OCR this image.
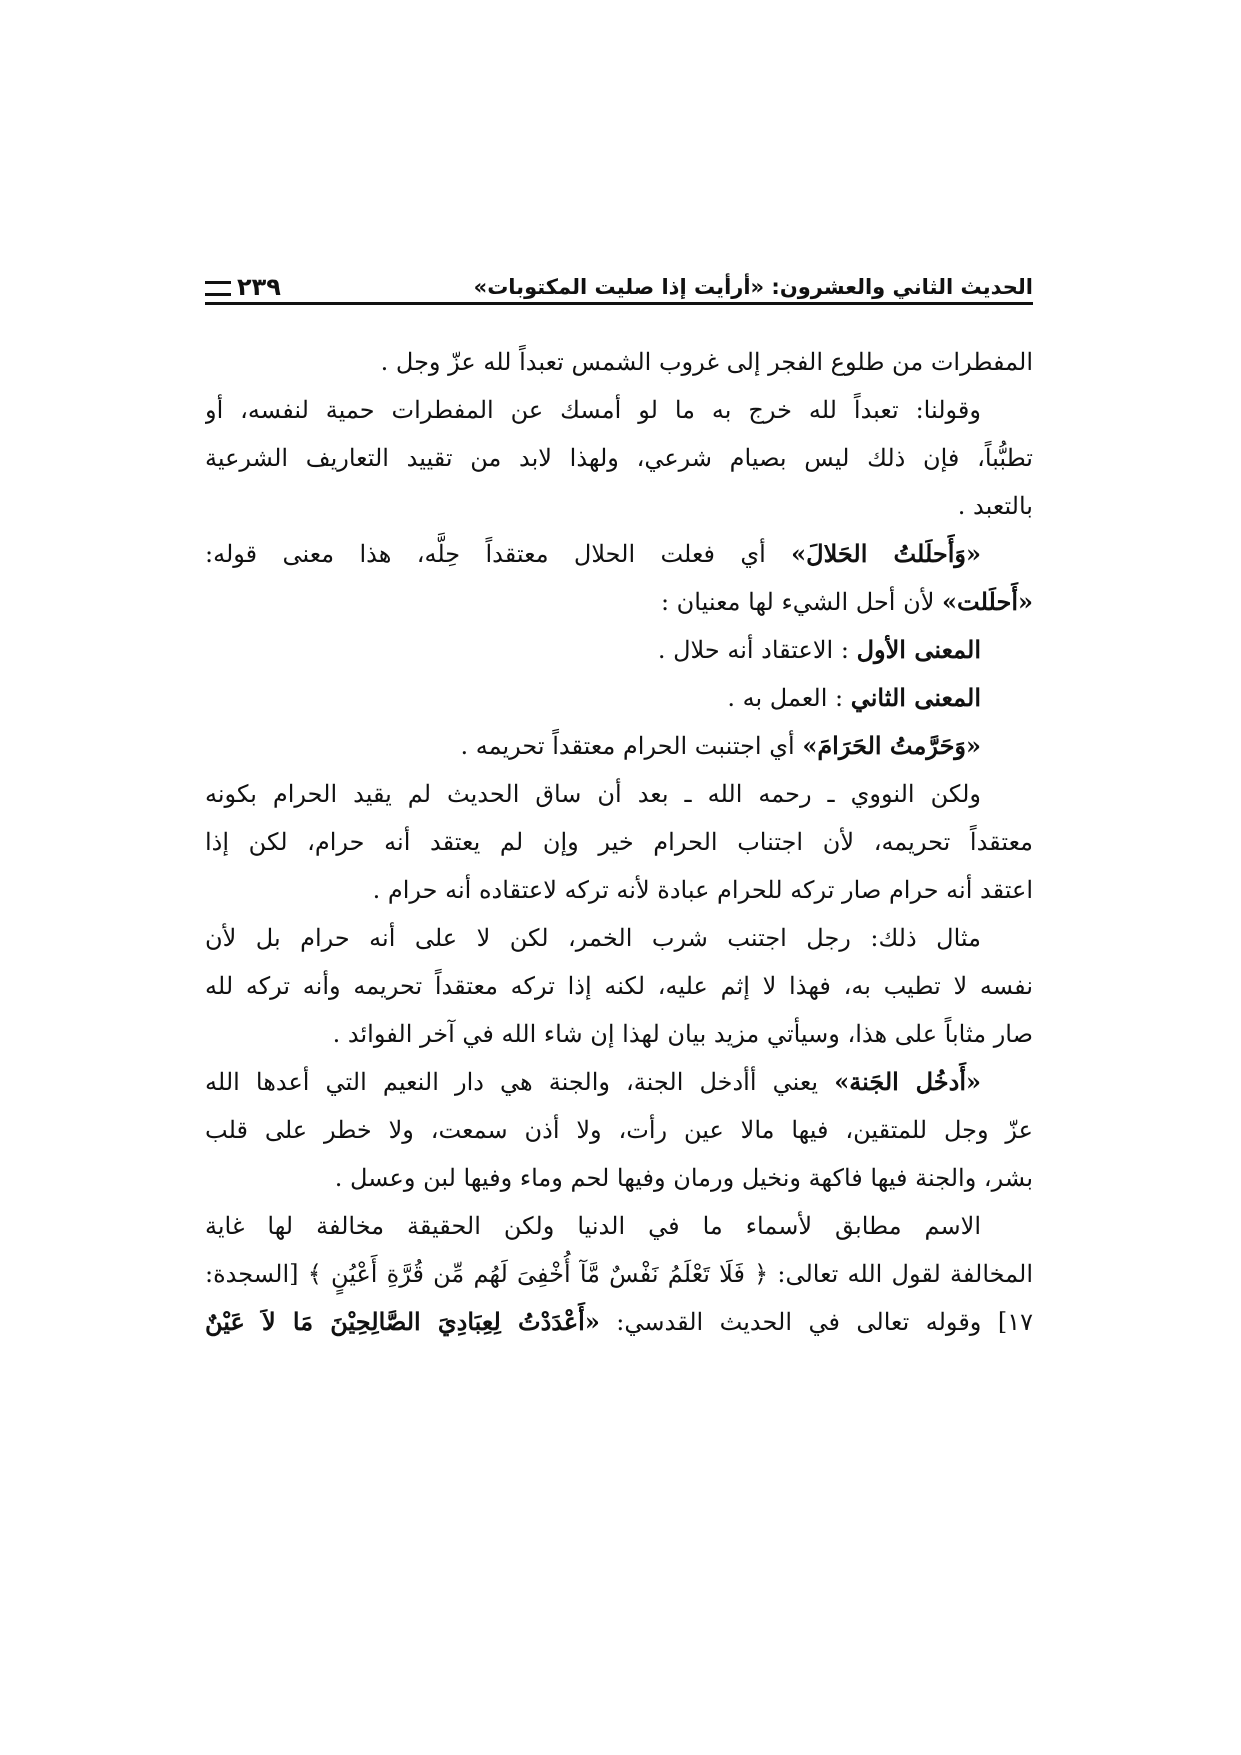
الحديث الثاني والعشرون: «أرأيت إذا صليت المكتوبات»
٢٣٩
المفطرات من طلوع الفجر إلى غروب الشمس تعبداً لله عزّ وجل .
وقولنا: تعبداً لله خرج به ما لو أمسك عن المفطرات حمية لنفسه، أو
تطبُّباً، فإن ذلك ليس بصيام شرعي، ولهذا لابد من تقييد التعاريف الشرعية
بالتعبد .
«وَأَحلَلتُ الحَلالَ» أي فعلت الحلال معتقداً حِلَّه، هذا معنى قوله:
«أَحلَلت» لأن أحل الشيء لها معنيان :
المعنى الأول : الاعتقاد أنه حلال .
المعنى الثاني : العمل به .
«وَحَرَّمتُ الحَرَامَ» أي اجتنبت الحرام معتقداً تحريمه .
ولكن النووي ـ رحمه الله ـ بعد أن ساق الحديث لم يقيد الحرام بكونه
معتقداً تحريمه، لأن اجتناب الحرام خير وإن لم يعتقد أنه حرام، لكن إذا
اعتقد أنه حرام صار تركه للحرام عبادة لأنه تركه لاعتقاده أنه حرام .
مثال ذلك: رجل اجتنب شرب الخمر، لكن لا على أنه حرام بل لأن
نفسه لا تطيب به، فهذا لا إثم عليه، لكنه إذا تركه معتقداً تحريمه وأنه تركه لله
صار مثاباً على هذا، وسيأتي مزيد بيان لهذا إن شاء الله في آخر الفوائد .
«أَدخُل الجَنة» يعني أأدخل الجنة، والجنة هي دار النعيم التي أعدها الله
عزّ وجل للمتقين، فيها مالا عين رأت، ولا أذن سمعت، ولا خطر على قلب
بشر، والجنة فيها فاكهة ونخيل ورمان وفيها لحم وماء وفيها لبن وعسل .
الاسم مطابق لأسماء ما في الدنيا ولكن الحقيقة مخالفة لها غاية
المخالفة لقول الله تعالى: ﴿ فَلَا تَعْلَمُ نَفْسٌ مَّآ أُخْفِىَ لَهُم مِّن قُرَّةِ أَعْيُنٍ ﴾ [السجدة:
١٧] وقوله تعالى في الحديث القدسي: «أَعْدَدْتُ لِعِبَادِيَ الصَّالِحِيْنَ مَا لاَ عَيْنٌ
